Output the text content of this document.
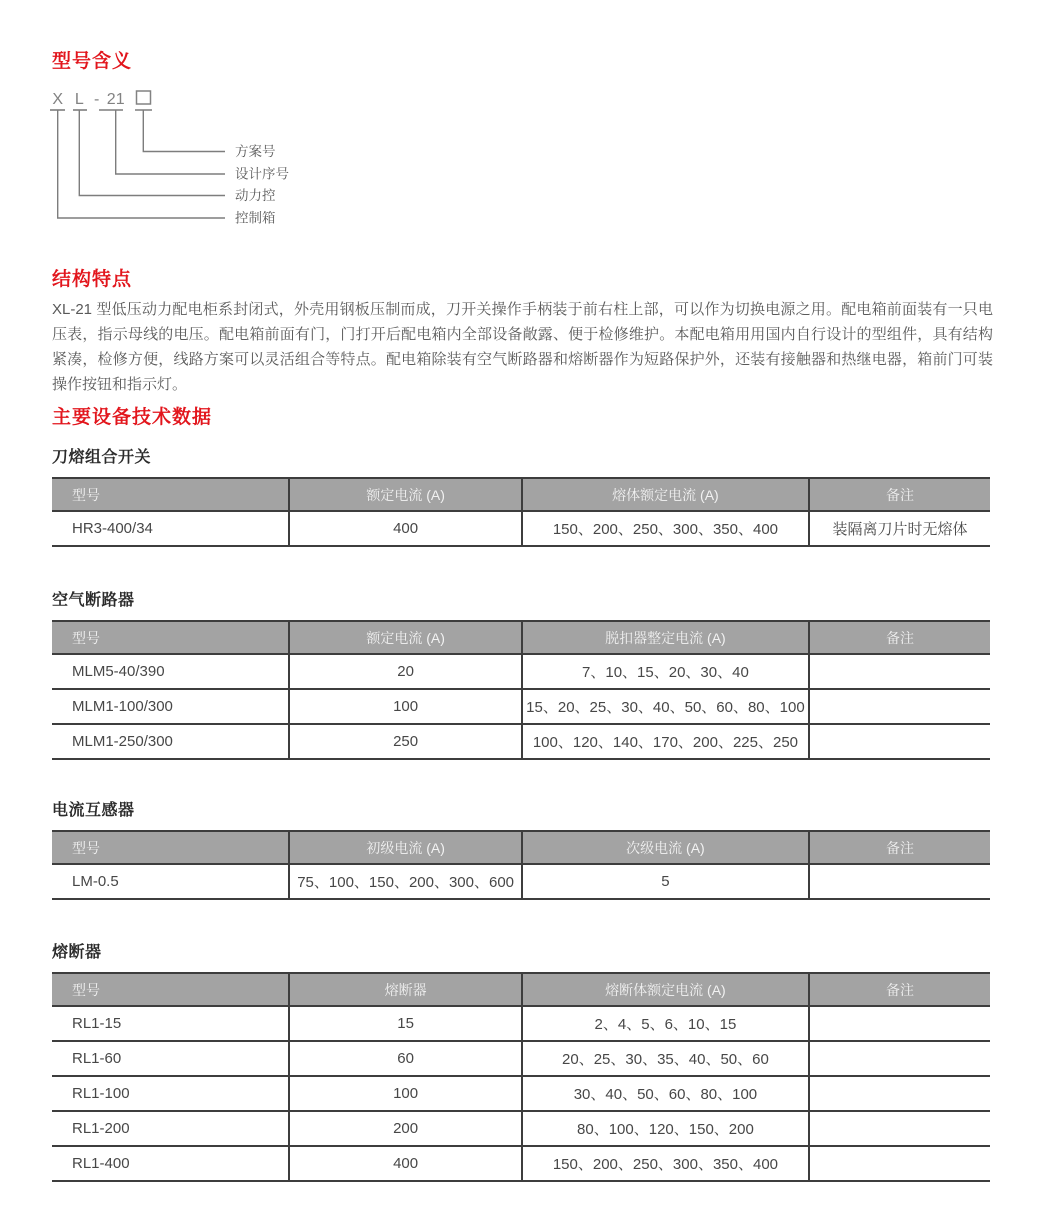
型号含义
X L - 21
方案号
设计序号
动力控
控制箱
结构特点

XL-21 型低压动力配电柜系封闭式，外壳用钢板压制而成，刀开关操作手柄装于前右柱上部，可以作为切换电源之用。配电箱前面装有一只电压表，指示母线的电压。配电箱前面有门，门打开后配电箱内全部设备敞露、便于检修维护。本配电箱用用国内自行设计的型组件，具有结构紧凑，检修方便，线路方案可以灵活组合等特点。配电箱除装有空气断路器和熔断器作为短路保护外，还装有接触器和热继电器，箱前门可装操作按钮和指示灯。

主要设备技术数据
刀熔组合开关
型号	额定电流 (A)	熔体额定电流 (A)	备注
HR3-400/34	400	150、200、250、300、350、400	装隔离刀片时无熔体
空气断路器
型号	额定电流 (A)	脱扣器整定电流 (A)	备注
MLM5-40/390	20	7、10、15、20、30、40	
MLM1-100/300	100	15、20、25、30、40、50、60、80、100	
MLM1-250/300	250	100、120、140、170、200、225、250	
电流互感器
型号	初级电流 (A)	次级电流 (A)	备注
LM-0.5	75、100、150、200、300、600	5	
熔断器
型号	熔断器	熔断体额定电流 (A)	备注
RL1-15	15	2、4、5、6、10、15	
RL1-60	60	20、25、30、35、40、50、60	
RL1-100	100	30、40、50、60、80、100	
RL1-200	200	80、100、120、150、200	
RL1-400	400	150、200、250、300、350、400	
